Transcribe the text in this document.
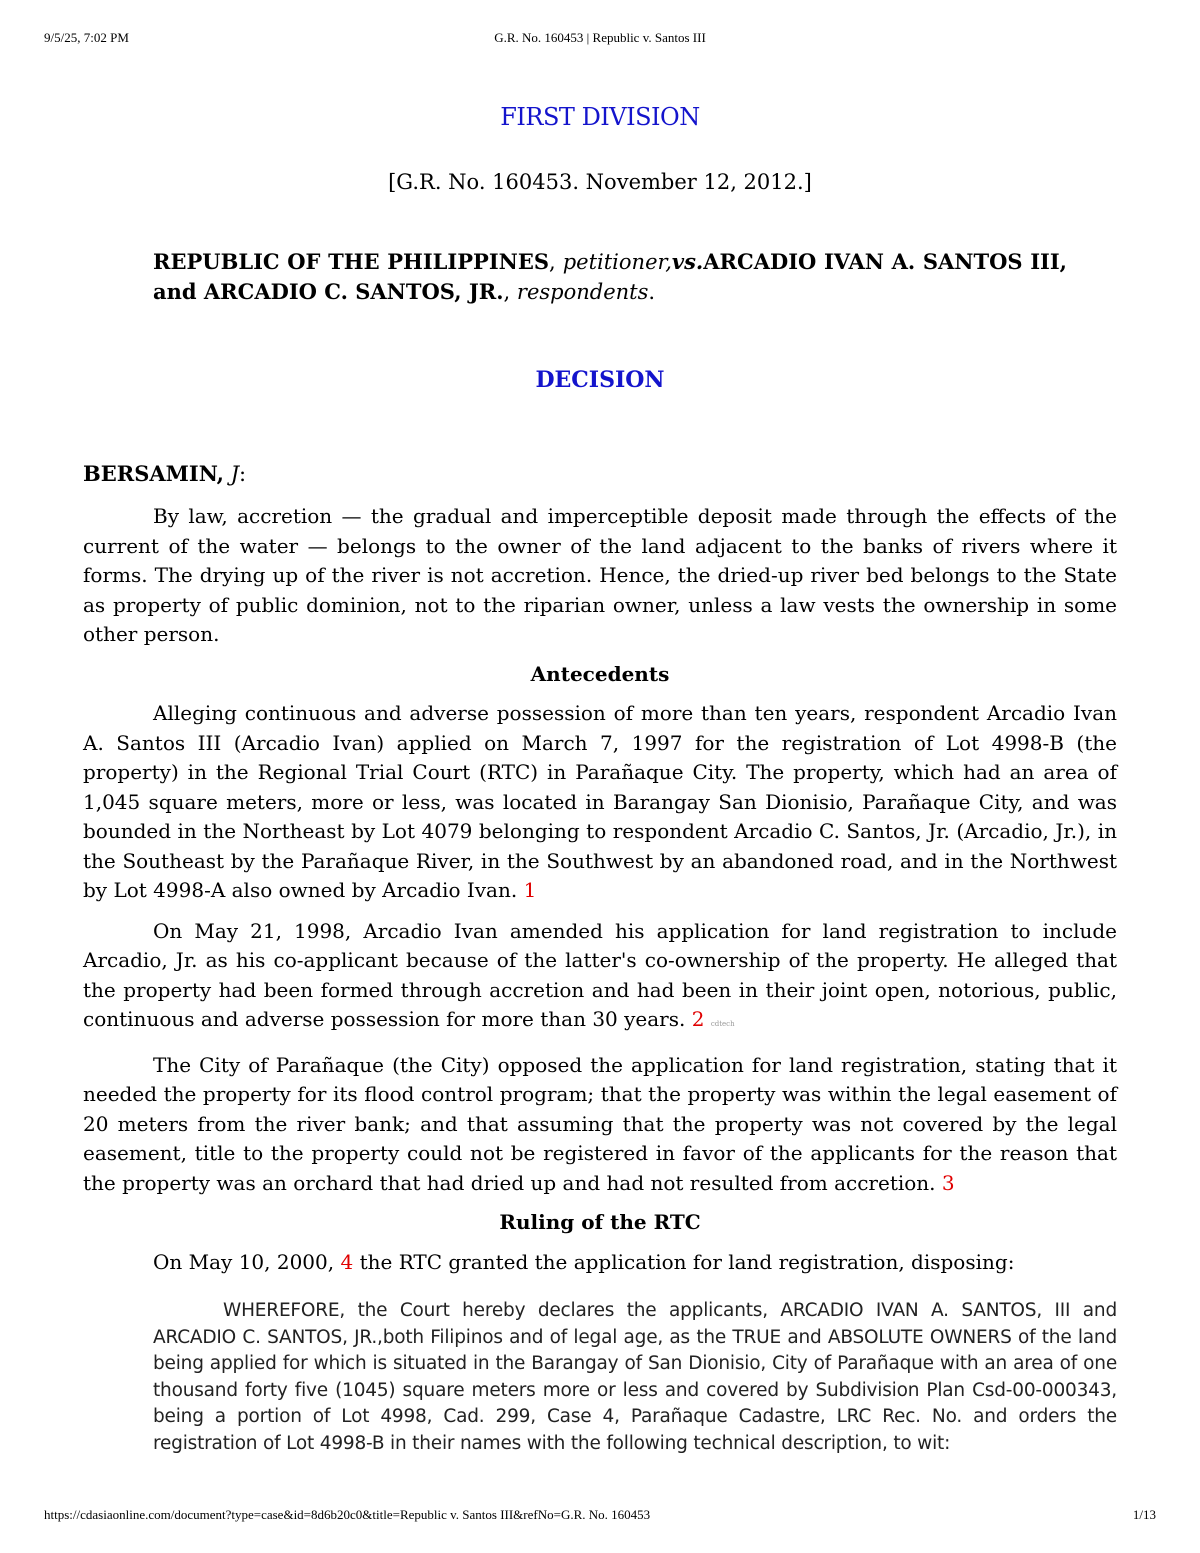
9/5/25, 7:02 PM	G.R. No. 160453 | Republic v. Santos III
FIRST DIVISION
[G.R. No. 160453. November 12, 2012.]
REPUBLIC OF THE PHILIPPINES, petitioner,vs.ARCADIO IVAN A. SANTOS III, and ARCADIO C. SANTOS, JR., respondents.
DECISION
BERSAMIN, J:

By law, accretion — the gradual and imperceptible deposit made through the effects of the current of the water — belongs to the owner of the land adjacent to the banks of rivers where it forms. The drying up of the river is not accretion. Hence, the dried-up river bed belongs to the State as property of public dominion, not to the riparian owner, unless a law vests the ownership in some other person.

Antecedents

Alleging continuous and adverse possession of more than ten years, respondent Arcadio Ivan A. Santos III (Arcadio Ivan) applied on March 7, 1997 for the registration of Lot 4998-B (the property) in the Regional Trial Court (RTC) in Parañaque City. The property, which had an area of 1,045 square meters, more or less, was located in Barangay San Dionisio, Parañaque City, and was bounded in the Northeast by Lot 4079 belonging to respondent Arcadio C. Santos, Jr. (Arcadio, Jr.), in the Southeast by the Parañaque River, in the Southwest by an abandoned road, and in the Northwest by Lot 4998-A also owned by Arcadio Ivan. 1

On May 21, 1998, Arcadio Ivan amended his application for land registration to include Arcadio, Jr. as his co-applicant because of the latter's co-ownership of the property. He alleged that the property had been formed through accretion and had been in their joint open, notorious, public, continuous and adverse possession for more than 30 years. 2 cdtech

The City of Parañaque (the City) opposed the application for land registration, stating that it needed the property for its flood control program; that the property was within the legal easement of 20 meters from the river bank; and that assuming that the property was not covered by the legal easement, title to the property could not be registered in favor of the applicants for the reason that the property was an orchard that had dried up and had not resulted from accretion. 3

Ruling of the RTC

On May 10, 2000, 4 the RTC granted the application for land registration, disposing:

WHEREFORE, the Court hereby declares the applicants, ARCADIO IVAN A. SANTOS, III and ARCADIO C. SANTOS, JR.,both Filipinos and of legal age, as the TRUE and ABSOLUTE OWNERS of the land being applied for which is situated in the Barangay of San Dionisio, City of Parañaque with an area of one thousand forty five (1045) square meters more or less and covered by Subdivision Plan Csd-00-000343, being a portion of Lot 4998, Cad. 299, Case 4, Parañaque Cadastre, LRC Rec. No. and orders the registration of Lot 4998-B in their names with the following technical description, to wit:

https://cdasiaonline.com/document?type=case&id=8d6b20c0&title=Republic v. Santos III&refNo=G.R. No. 160453	1/13
